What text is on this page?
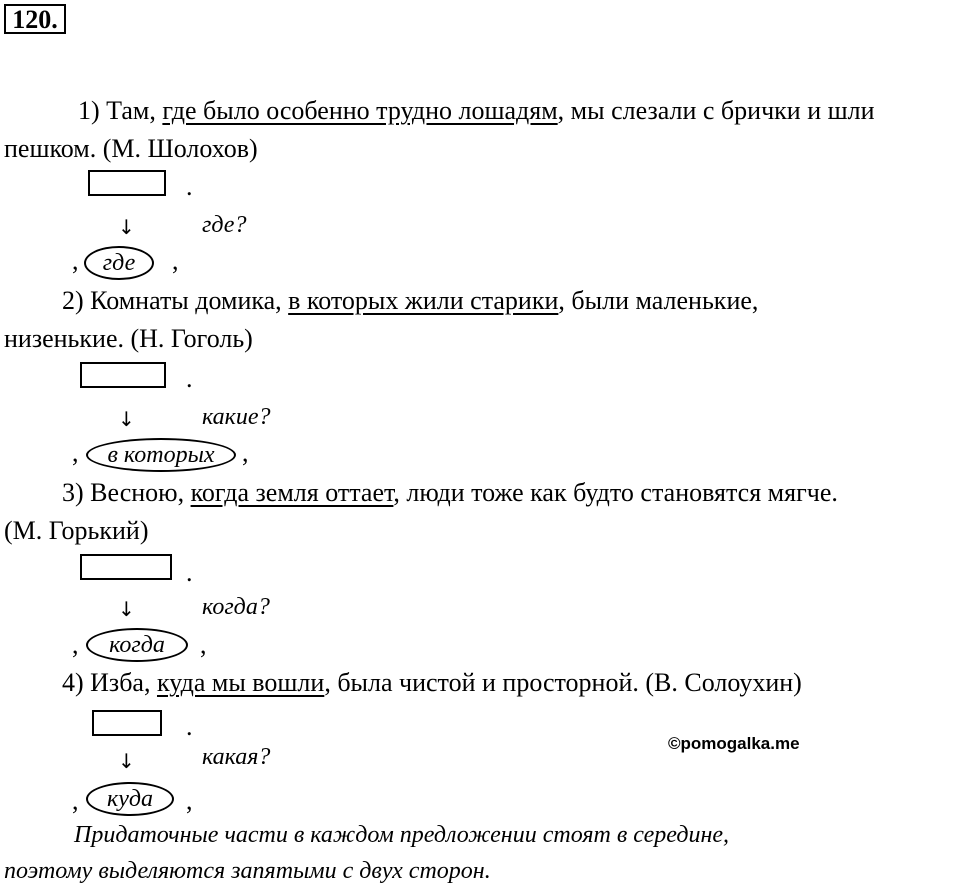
120.
1) Там, где было особенно трудно лошадям, мы слезали с брички и шли
пешком. (М. Шолохов)
.
↓	где?
,	где	,
2) Комнаты домика, в которых жили старики, были маленькие,
низенькие. (Н. Гоголь)
.
↓	какие?
,	в которых	,
3) Весною, когда земля оттает, люди тоже как будто становятся мягче.
(М. Горький)
.
↓	когда?
,	когда	,
4) Изба, куда мы вошли, была чистой и просторной. (В. Солоухин)
.
↓	какая?
©pomogalka.me
,	куда	,
Придаточные части в каждом предложении стоят в середине,
поэтому выделяются запятыми с двух сторон.
